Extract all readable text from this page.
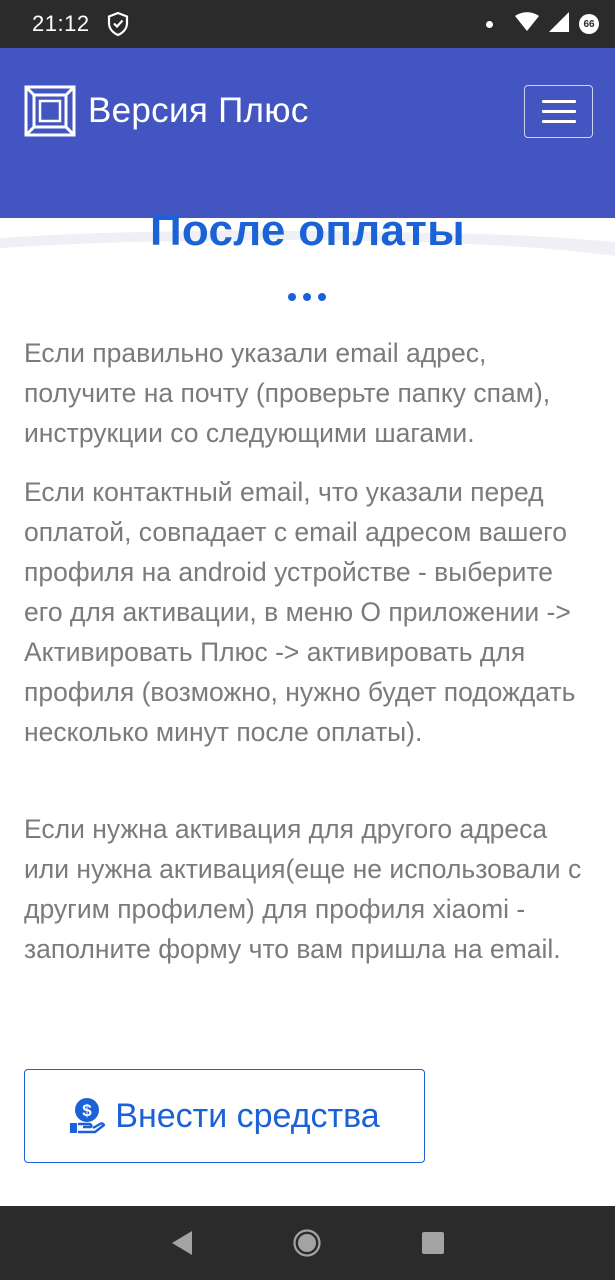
21:12	66
Версия Плюс
После оплаты

Если правильно указали email адрес, получите на почту (проверьте папку спам), инструкции со следующими шагами.

Если контактный email, что указали перед оплатой, совпадает с email адресом вашего профиля на android устройстве - выберите его для активации, в меню О приложении -> Активировать Плюс -> активировать для профиля (возможно, нужно будет подождать несколько минут после оплаты).

Если нужна активация для другого адреса или нужна активация(еще не использовали с другим профилем) для профиля xiaomi - заполните форму что вам пришла на email.

$ Внести средства
